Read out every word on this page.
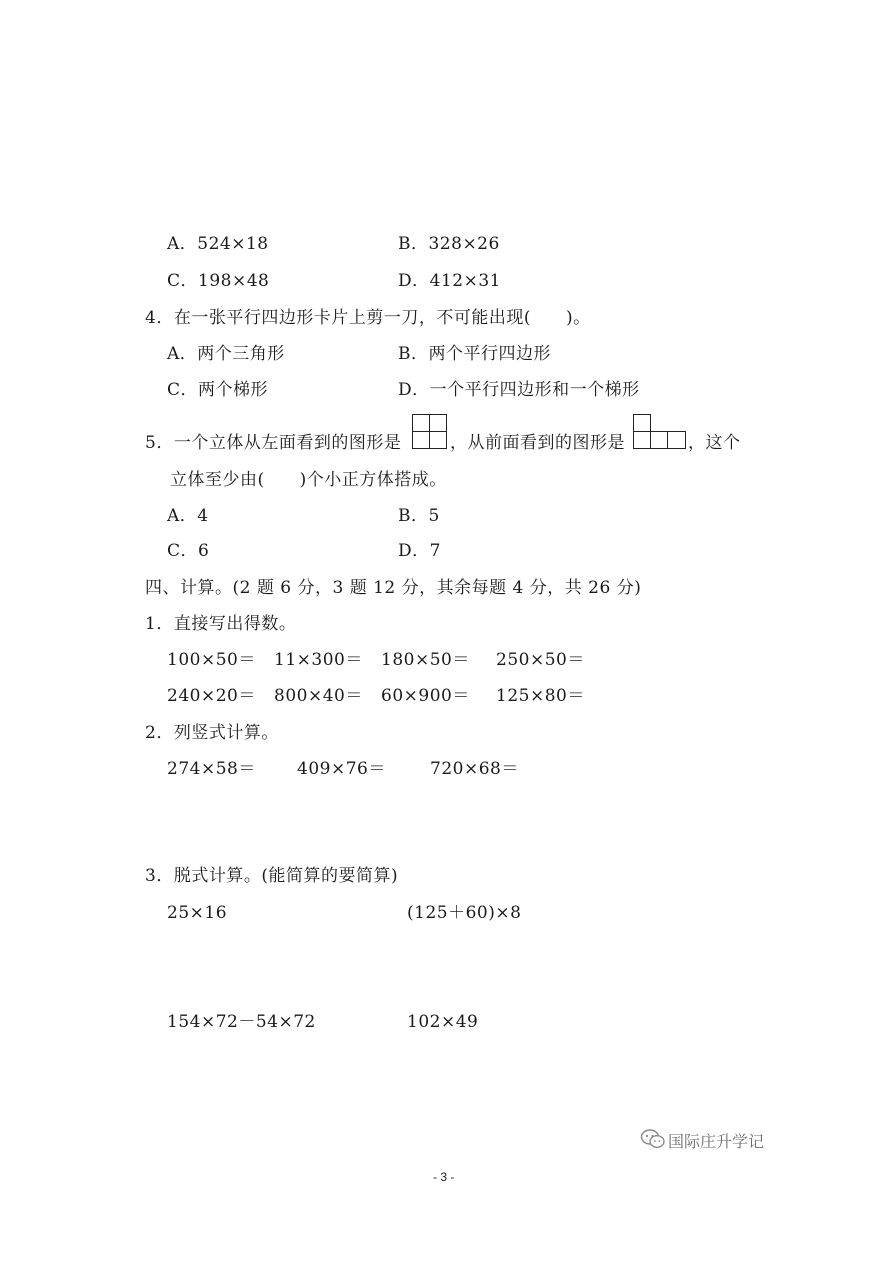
A．524×18	B．328×26
C．198×48	D．412×31
4．在一张平行四边形卡片上剪一刀，不可能出现(　　)。
A．两个三角形	B．两个平行四边形
C．两个梯形	D．一个平行四边形和一个梯形
5．一个立体从左面看到的图形是	，从前面看到的图形是	，这个
立体至少由(　　)个小正方体搭成。
A．4	B．5
C．6	D．7
四、计算。(2 题 6 分，3 题 12 分，其余每题 4 分，共 26 分)
1．直接写出得数。
100×50＝ 11×300＝ 180×50＝ 250×50＝
240×20＝ 800×40＝ 60×900＝ 125×80＝
2．列竖式计算。
274×58＝ 409×76＝	720×68＝
3．脱式计算。(能简算的要简算)
25×16	(125＋60)×8
154×72－54×72	102×49
国际庄升学记
- 3 -
